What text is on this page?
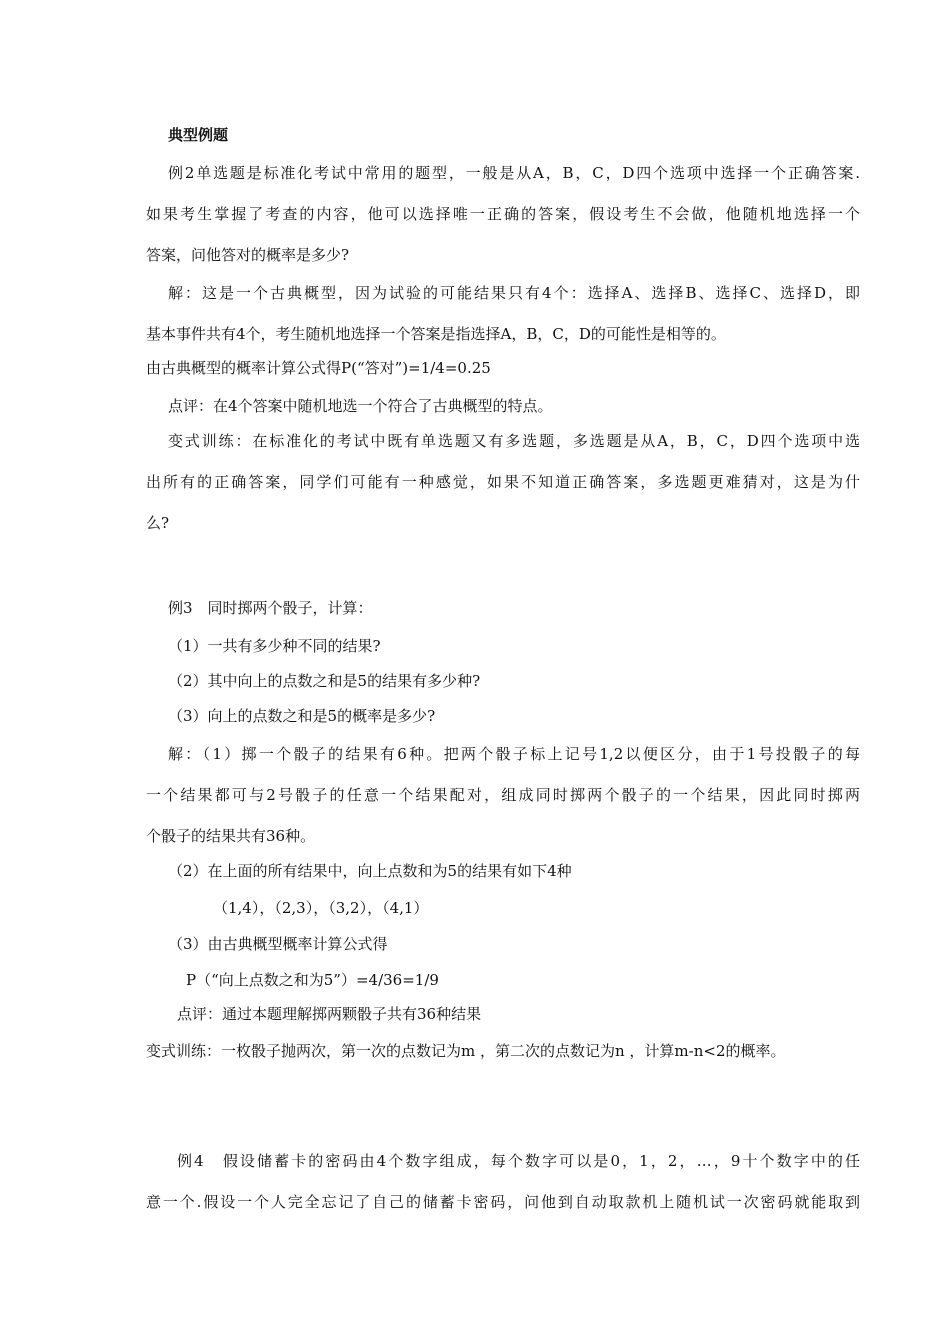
典型例题
例2单选题是标准化考试中常用的题型，一般是从A，B，C，D四个选项中选择一个正确答案.
如果考生掌握了考查的内容，他可以选择唯一正确的答案，假设考生不会做，他随机地选择一个
答案，问他答对的概率是多少?
解：这是一个古典概型，因为试验的可能结果只有4个：选择A、选择B、选择C、选择D，即
基本事件共有4个，考生随机地选择一个答案是指选择A，B，C，D的可能性是相等的。
由古典概型的概率计算公式得P(“答对”)=1/4=0.25
点评：在4个答案中随机地选一个符合了古典概型的特点。
变式训练：在标准化的考试中既有单选题又有多选题，多选题是从A，B，C，D四个选项中选
出所有的正确答案，同学们可能有一种感觉，如果不知道正确答案，多选题更难猜对，这是为什
么?
例3　同时掷两个骰子，计算：
（1）一共有多少种不同的结果?
（2）其中向上的点数之和是5的结果有多少种?
（3）向上的点数之和是5的概率是多少?
解：（1）掷一个骰子的结果有6种。把两个骰子标上记号1,2以便区分，由于1号投骰子的每
一个结果都可与2号骰子的任意一个结果配对，组成同时掷两个骰子的一个结果，因此同时掷两
个骰子的结果共有36种。
（2）在上面的所有结果中，向上点数和为5的结果有如下4种
（1,4），（2,3），（3,2），（4,1）
（3）由古典概型概率计算公式得
P（“向上点数之和为5”）=4/36=1/9
点评：通过本题理解掷两颗骰子共有36种结果
变式训练：一枚骰子抛两次，第一次的点数记为m ，第二次的点数记为n ，计算m-n<2的概率。
例4　假设储蓄卡的密码由4个数字组成，每个数字可以是0，1，2，…，9十个数字中的任
意一个.假设一个人完全忘记了自己的储蓄卡密码，问他到自动取款机上随机试一次密码就能取到
